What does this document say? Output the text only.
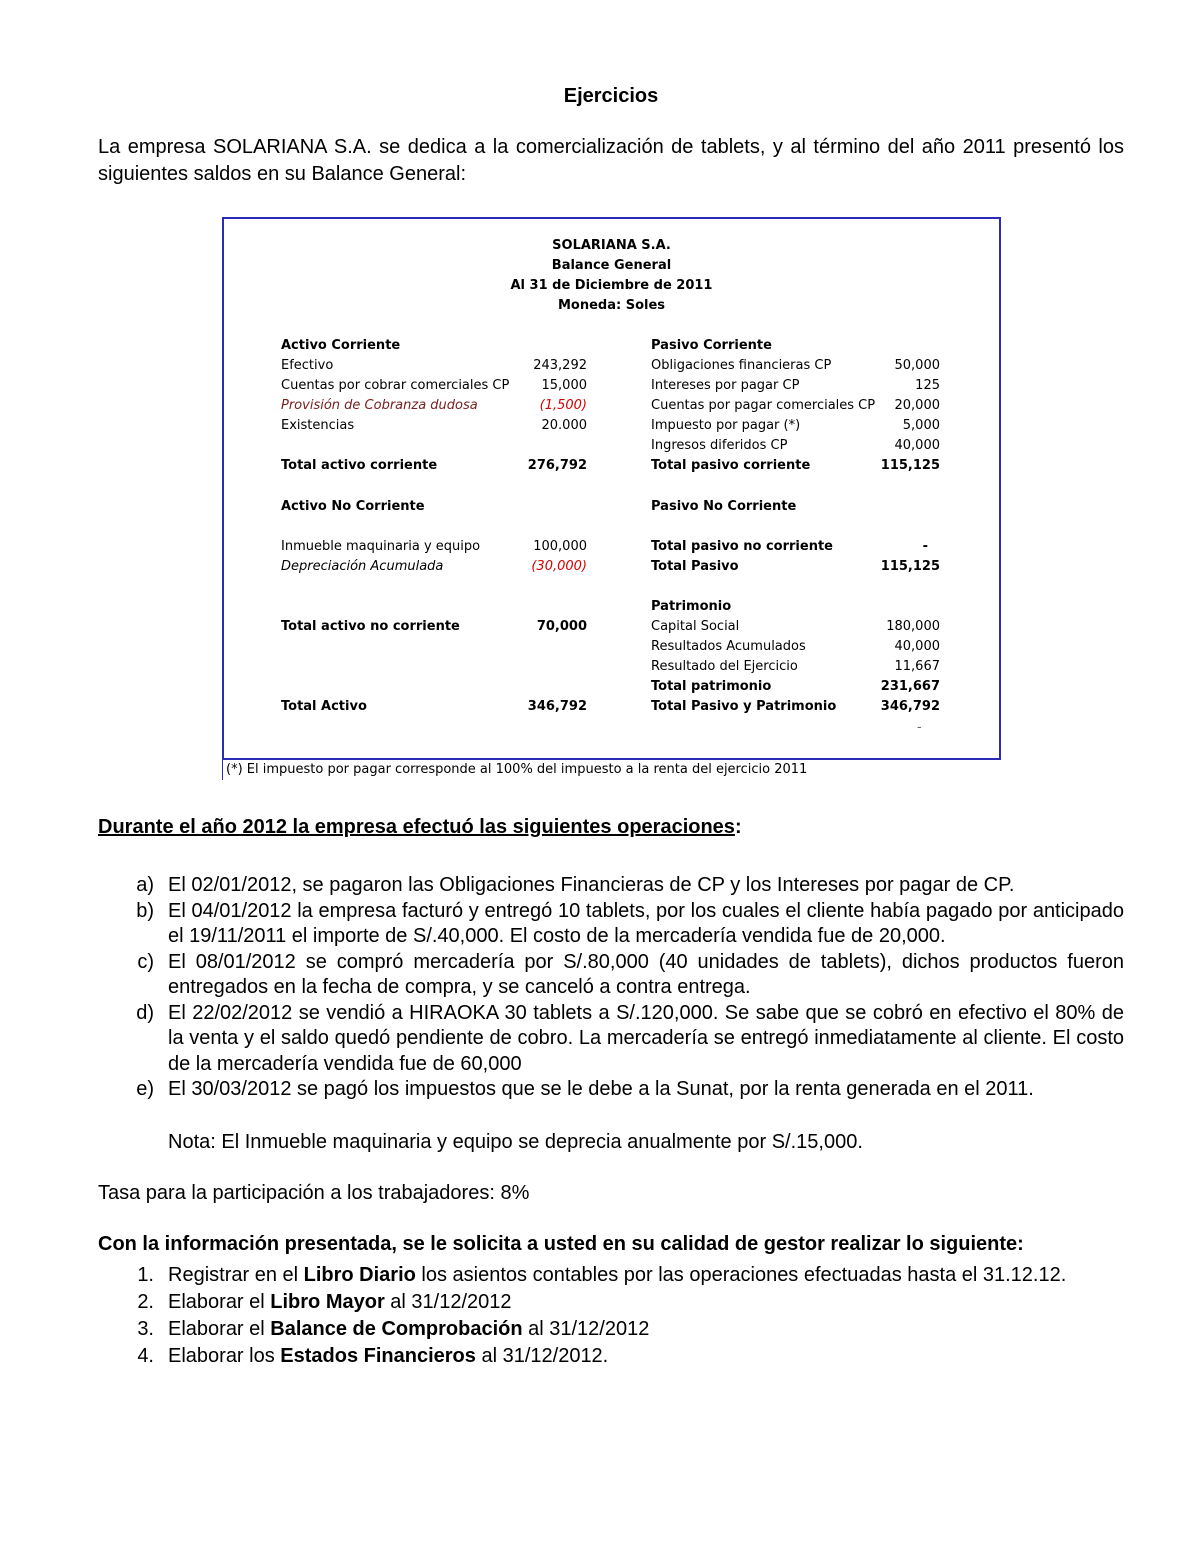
Ejercicios
La empresa SOLARIANA S.A. se dedica a la comercialización de tablets, y al término del año 2011 presentó los siguientes saldos en su Balance General:
SOLARIANA S.A.
Balance General
Al 31 de Diciembre de 2011
Moneda: Soles
Activo Corriente
Efectivo	243,292
Cuentas por cobrar comerciales CP	15,000
Provisión de Cobranza dudosa	(1,500)
Existencias	20.000
Total activo corriente	276,792
Activo No Corriente
Inmueble maquinaria y equipo	100,000
Depreciación Acumulada	(30,000)
Total activo no corriente	70,000
Total Activo	346,792
Pasivo Corriente
Obligaciones financieras CP	50,000
Intereses por pagar CP	125
Cuentas por pagar comerciales CP	20,000
Impuesto por pagar (*)	5,000
Ingresos diferidos CP	40,000
Total pasivo corriente	115,125
Pasivo No Corriente
Total pasivo no corriente	-
Total Pasivo	115,125
Patrimonio
Capital Social	180,000
Resultados Acumulados	40,000
Resultado del Ejercicio	11,667
Total patrimonio	231,667
Total Pasivo y Patrimonio	346,792
-
(*) El impuesto por pagar corresponde al 100% del impuesto a la renta del ejercicio 2011
Durante el año 2012 la empresa efectuó las siguientes operaciones:
a) El 02/01/2012, se pagaron las Obligaciones Financieras de CP y los Intereses por pagar de CP.
b) El 04/01/2012 la empresa facturó y entregó 10 tablets, por los cuales el cliente había pagado por anticipado el 19/11/2011 el importe de S/.40,000. El costo de la mercadería vendida fue de 20,000.
c) El 08/01/2012 se compró mercadería por S/.80,000 (40 unidades de tablets), dichos productos fueron entregados en la fecha de compra, y se canceló a contra entrega.
d) El 22/02/2012 se vendió a HIRAOKA 30 tablets a S/.120,000. Se sabe que se cobró en efectivo el 80% de la venta y el saldo quedó pendiente de cobro. La mercadería se entregó inmediatamente al cliente. El costo de la mercadería vendida fue de 60,000
e) El 30/03/2012 se pagó los impuestos que se le debe a la Sunat, por la renta generada en el 2011.
Nota: El Inmueble maquinaria y equipo se deprecia anualmente por S/.15,000.
Tasa para la participación a los trabajadores: 8%
Con la información presentada, se le solicita a usted en su calidad de gestor realizar lo siguiente:
1. Registrar en el Libro Diario los asientos contables por las operaciones efectuadas hasta el 31.12.12.
2. Elaborar el Libro Mayor al 31/12/2012
3. Elaborar el Balance de Comprobación al 31/12/2012
4. Elaborar los Estados Financieros al 31/12/2012.
